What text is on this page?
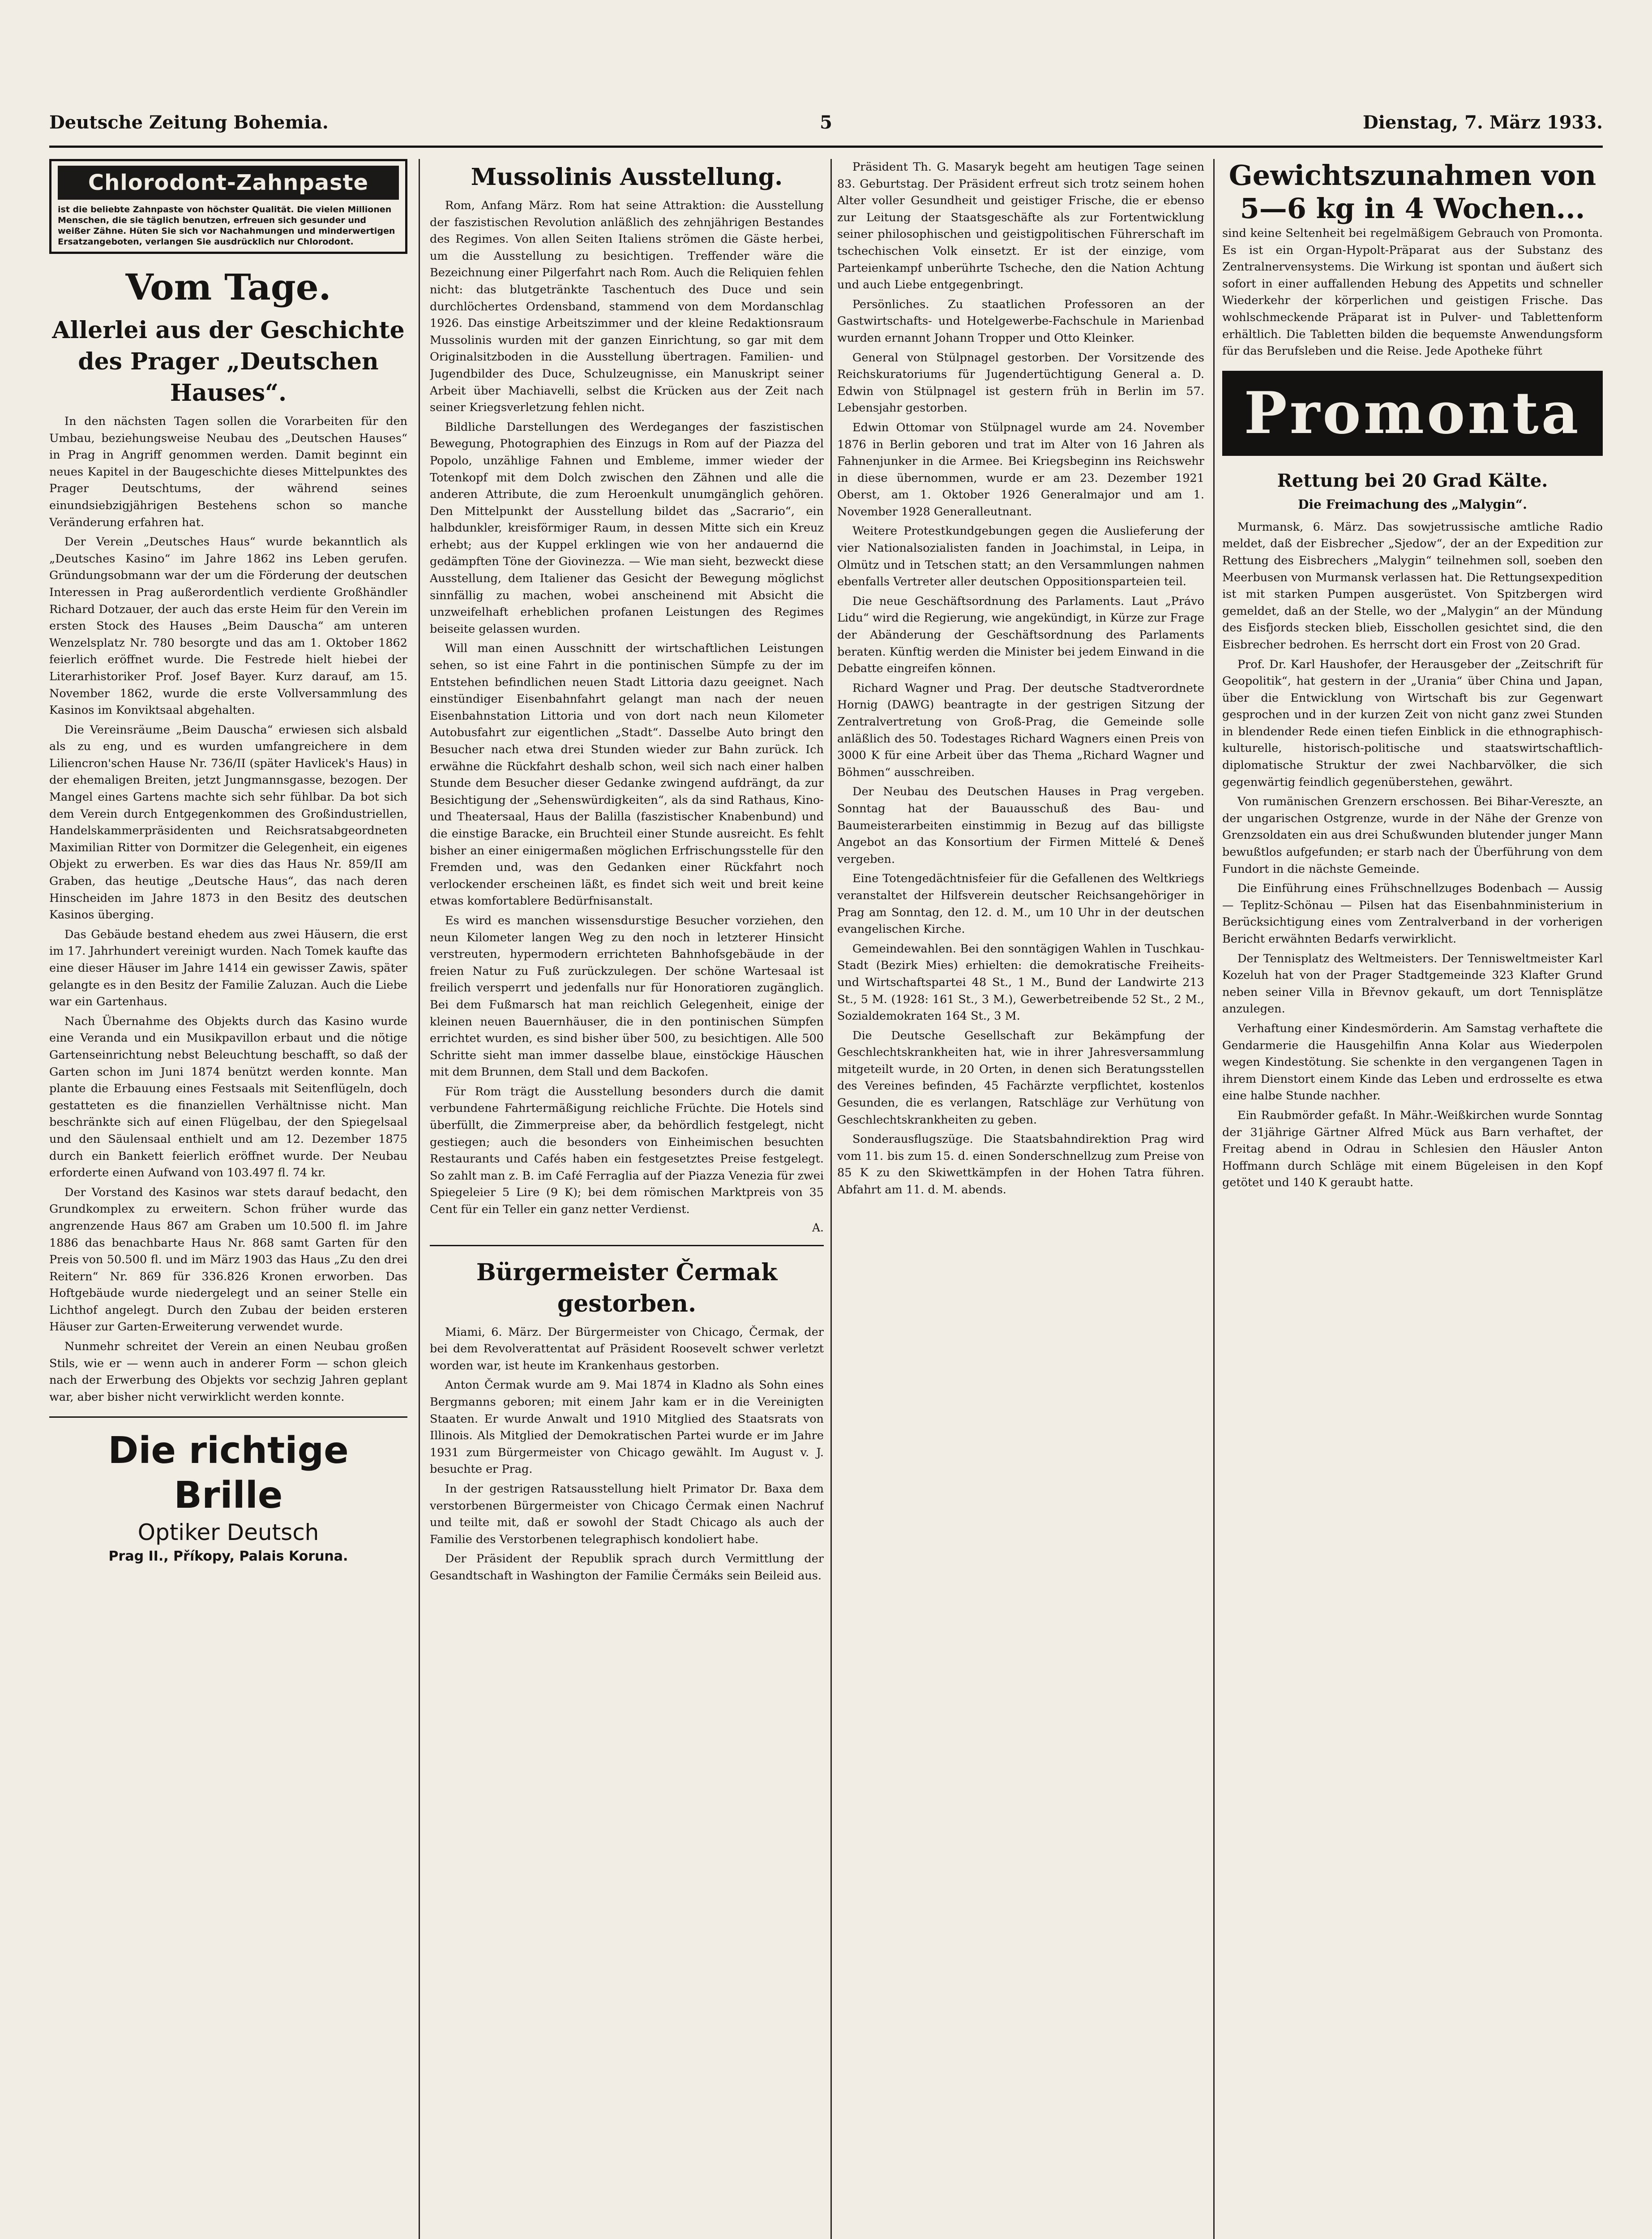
Deutsche Zeitung Bohemia.	5	Dienstag, 7. März 1933.
Chlorodont-Zahnpaste
ist die beliebte Zahnpaste von höchster Qualität. Die vielen Millionen Menschen, die sie täglich benutzen, erfreuen sich gesunder und weißer Zähne. Hüten Sie sich vor Nachahmungen und minderwertigen Ersatzangeboten, verlangen Sie ausdrücklich nur Chlorodont.
Vom Tage.
Allerlei aus der Geschichte des Prager „Deutschen Hauses“.

In den nächsten Tagen sollen die Vorarbeiten für den Umbau, beziehungsweise Neubau des „Deutschen Hauses“ in Prag in Angriff genommen werden. Damit beginnt ein neues Kapitel in der Baugeschichte dieses Mittelpunktes des Prager Deutschtums, der während seines einundsiebzigjährigen Bestehens schon so manche Veränderung erfahren hat.

Der Verein „Deutsches Haus“ wurde bekanntlich als „Deutsches Kasino“ im Jahre 1862 ins Leben gerufen. Gründungsobmann war der um die Förderung der deutschen Interessen in Prag außerordentlich verdiente Großhändler Richard Dotzauer, der auch das erste Heim für den Verein im ersten Stock des Hauses „Beim Dauscha“ am unteren Wenzelsplatz Nr. 780 besorgte und das am 1. Oktober 1862 feierlich eröffnet wurde. Die Festrede hielt hiebei der Literarhistoriker Prof. Josef Bayer. Kurz darauf, am 15. November 1862, wurde die erste Vollversammlung des Kasinos im Konviktsaal abgehalten.

Die Vereinsräume „Beim Dauscha“ erwiesen sich alsbald als zu eng, und es wurden umfangreichere in dem Liliencron'schen Hause Nr. 736/II (später Havlicek's Haus) in der ehemaligen Breiten, jetzt Jungmannsgasse, bezogen. Der Mangel eines Gartens machte sich sehr fühlbar. Da bot sich dem Verein durch Entgegenkommen des Großindustriellen, Handelskammerpräsidenten und Reichsratsabgeordneten Maximilian Ritter von Dormitzer die Gelegenheit, ein eigenes Objekt zu erwerben. Es war dies das Haus Nr. 859/II am Graben, das heutige „Deutsche Haus“, das nach deren Hinscheiden im Jahre 1873 in den Besitz des deutschen Kasinos überging.

Das Gebäude bestand ehedem aus zwei Häusern, die erst im 17. Jahrhundert vereinigt wurden. Nach Tomek kaufte das eine dieser Häuser im Jahre 1414 ein gewisser Zawis, später gelangte es in den Besitz der Familie Zaluzan. Auch die Liebe war ein Gartenhaus.

Nach Übernahme des Objekts durch das Kasino wurde eine Veranda und ein Musikpavillon erbaut und die nötige Gartenseinrichtung nebst Beleuchtung beschafft, so daß der Garten schon im Juni 1874 benützt werden konnte. Man plante die Erbauung eines Festsaals mit Seitenflügeln, doch gestatteten es die finanziellen Verhältnisse nicht. Man beschränkte sich auf einen Flügelbau, der den Spiegelsaal und den Säulensaal enthielt und am 12. Dezember 1875 durch ein Bankett feierlich eröffnet wurde. Der Neubau erforderte einen Aufwand von 103.497 fl. 74 kr.

Der Vorstand des Kasinos war stets darauf bedacht, den Grundkomplex zu erweitern. Schon früher wurde das angrenzende Haus 867 am Graben um 10.500 fl. im Jahre 1886 das benachbarte Haus Nr. 868 samt Garten für den Preis von 50.500 fl. und im März 1903 das Haus „Zu den drei Reitern“ Nr. 869 für 336.826 Kronen erworben. Das Hoftgebäude wurde niedergelegt und an seiner Stelle ein Lichthof angelegt. Durch den Zubau der beiden ersteren Häuser zur Garten-Erweiterung verwendet wurde.

Nunmehr schreitet der Verein an einen Neubau großen Stils, wie er — wenn auch in anderer Form — schon gleich nach der Erwerbung des Objekts vor sechzig Jahren geplant war, aber bisher nicht verwirklicht werden konnte.

Die richtige Brille
Optiker Deutsch
Prag II., Příkopy, Palais Koruna.
Mussolinis Ausstellung.

Rom, Anfang März. Rom hat seine Attraktion: die Ausstellung der faszistischen Revolution anläßlich des zehnjährigen Bestandes des Regimes. Von allen Seiten Italiens strömen die Gäste herbei, um die Ausstellung zu besichtigen. Treffender wäre die Bezeichnung einer Pilgerfahrt nach Rom. Auch die Reliquien fehlen nicht: das blutgetränkte Taschentuch des Duce und sein durchlöchertes Ordensband, stammend von dem Mordanschlag 1926. Das einstige Arbeitszimmer und der kleine Redaktionsraum Mussolinis wurden mit der ganzen Einrichtung, so gar mit dem Originalsitzboden in die Ausstellung übertragen. Familien- und Jugendbilder des Duce, Schulzeugnisse, ein Manuskript seiner Arbeit über Machiavelli, selbst die Krücken aus der Zeit nach seiner Kriegsverletzung fehlen nicht.

Bildliche Darstellungen des Werdeganges der faszistischen Bewegung, Photographien des Einzugs in Rom auf der Piazza del Popolo, unzählige Fahnen und Embleme, immer wieder der Totenkopf mit dem Dolch zwischen den Zähnen und alle die anderen Attribute, die zum Heroenkult unumgänglich gehören. Den Mittelpunkt der Ausstellung bildet das „Sacrario“, ein halbdunkler, kreisförmiger Raum, in dessen Mitte sich ein Kreuz erhebt; aus der Kuppel erklingen wie von her andauernd die gedämpften Töne der Giovinezza. — Wie man sieht, bezweckt diese Ausstellung, dem Italiener das Gesicht der Bewegung möglichst sinnfällig zu machen, wobei anscheinend mit Absicht die unzweifelhaft erheblichen profanen Leistungen des Regimes beiseite gelassen wurden.

Will man einen Ausschnitt der wirtschaftlichen Leistungen sehen, so ist eine Fahrt in die pontinischen Sümpfe zu der im Entstehen befindlichen neuen Stadt Littoria dazu geeignet. Nach einstündiger Eisenbahnfahrt gelangt man nach der neuen Eisenbahnstation Littoria und von dort nach neun Kilometer Autobusfahrt zur eigentlichen „Stadt“. Dasselbe Auto bringt den Besucher nach etwa drei Stunden wieder zur Bahn zurück. Ich erwähne die Rückfahrt deshalb schon, weil sich nach einer halben Stunde dem Besucher dieser Gedanke zwingend aufdrängt, da zur Besichtigung der „Sehenswürdigkeiten“, als da sind Rathaus, Kino- und Theatersaal, Haus der Balilla (faszistischer Knabenbund) und die einstige Baracke, ein Bruchteil einer Stunde ausreicht. Es fehlt bisher an einer einigermaßen möglichen Erfrischungsstelle für den Fremden und, was den Gedanken einer Rückfahrt noch verlockender erscheinen läßt, es findet sich weit und breit keine etwas komfortablere Bedürfnisanstalt.

Es wird es manchen wissensdurstige Besucher vorziehen, den neun Kilometer langen Weg zu den noch in letzterer Hinsicht verstreuten, hypermodern errichteten Bahnhofsgebäude in der freien Natur zu Fuß zurückzulegen. Der schöne Wartesaal ist freilich versperrt und jedenfalls nur für Honoratioren zugänglich. Bei dem Fußmarsch hat man reichlich Gelegenheit, einige der kleinen neuen Bauernhäuser, die in den pontinischen Sümpfen errichtet wurden, es sind bisher über 500, zu besichtigen. Alle 500 Schritte sieht man immer dasselbe blaue, einstöckige Häuschen mit dem Brunnen, dem Stall und dem Backofen.

Für Rom trägt die Ausstellung besonders durch die damit verbundene Fahrtermäßigung reichliche Früchte. Die Hotels sind überfüllt, die Zimmerpreise aber, da behördlich festgelegt, nicht gestiegen; auch die besonders von Einheimischen besuchten Restaurants und Cafés haben ein festgesetztes Preise festgelegt. So zahlt man z. B. im Café Ferraglia auf der Piazza Venezia für zwei Spiegeleier 5 Lire (9 K); bei dem römischen Marktpreis von 35 Cent für ein Teller ein ganz netter Verdienst.

A.
Bürgermeister Čermak gestorben.

Miami, 6. März. Der Bürgermeister von Chicago, Čermak, der bei dem Revolverattentat auf Präsident Roosevelt schwer verletzt worden war, ist heute im Krankenhaus gestorben.

Anton Čermak wurde am 9. Mai 1874 in Kladno als Sohn eines Bergmanns geboren; mit einem Jahr kam er in die Vereinigten Staaten. Er wurde Anwalt und 1910 Mitglied des Staatsrats von Illinois. Als Mitglied der Demokratischen Partei wurde er im Jahre 1931 zum Bürgermeister von Chicago gewählt. Im August v. J. besuchte er Prag.

In der gestrigen Ratsausstellung hielt Primator Dr. Baxa dem verstorbenen Bürgermeister von Chicago Čermak einen Nachruf und teilte mit, daß er sowohl der Stadt Chicago als auch der Familie des Verstorbenen telegraphisch kondoliert habe.

Der Präsident der Republik sprach durch Vermittlung der Gesandtschaft in Washington der Familie Čermáks sein Beileid aus.

Präsident Th. G. Masaryk begeht am heutigen Tage seinen 83. Geburtstag. Der Präsident erfreut sich trotz seinem hohen Alter voller Gesundheit und geistiger Frische, die er ebenso zur Leitung der Staatsgeschäfte als zur Fortentwicklung seiner philosophischen und geistigpolitischen Führerschaft im tschechischen Volk einsetzt. Er ist der einzige, vom Parteienkampf unberührte Tscheche, den die Nation Achtung und auch Liebe entgegenbringt.

Persönliches. Zu staatlichen Professoren an der Gastwirtschafts- und Hotelgewerbe-Fachschule in Marienbad wurden ernannt Johann Tropper und Otto Kleinker.

General von Stülpnagel gestorben. Der Vorsitzende des Reichskuratoriums für Jugendertüchtigung General a. D. Edwin von Stülpnagel ist gestern früh in Berlin im 57. Lebensjahr gestorben.

Edwin Ottomar von Stülpnagel wurde am 24. November 1876 in Berlin geboren und trat im Alter von 16 Jahren als Fahnenjunker in die Armee. Bei Kriegsbeginn ins Reichswehr in diese übernommen, wurde er am 23. Dezember 1921 Oberst, am 1. Oktober 1926 Generalmajor und am 1. November 1928 Generalleutnant.

Weitere Protestkundgebungen gegen die Auslieferung der vier Nationalsozialisten fanden in Joachimstal, in Leipa, in Olmütz und in Tetschen statt; an den Versammlungen nahmen ebenfalls Vertreter aller deutschen Oppositionsparteien teil.

Die neue Geschäftsordnung des Parlaments. Laut „Právo Lidu“ wird die Regierung, wie angekündigt, in Kürze zur Frage der Abänderung der Geschäftsordnung des Parlaments beraten. Künftig werden die Minister bei jedem Einwand in die Debatte eingreifen können.

Richard Wagner und Prag. Der deutsche Stadtverordnete Hornig (DAWG) beantragte in der gestrigen Sitzung der Zentralvertretung von Groß-Prag, die Gemeinde solle anläßlich des 50. Todestages Richard Wagners einen Preis von 3000 K für eine Arbeit über das Thema „Richard Wagner und Böhmen“ ausschreiben.

Der Neubau des Deutschen Hauses in Prag vergeben. Sonntag hat der Bauausschuß des Bau- und Baumeisterarbeiten einstimmig in Bezug auf das billigste Angebot an das Konsortium der Firmen Mittelé & Deneš vergeben.

Eine Totengedächtnisfeier für die Gefallenen des Weltkriegs veranstaltet der Hilfsverein deutscher Reichsangehöriger in Prag am Sonntag, den 12. d. M., um 10 Uhr in der deutschen evangelischen Kirche.

Gemeindewahlen. Bei den sonntägigen Wahlen in Tuschkau-Stadt (Bezirk Mies) erhielten: die demokratische Freiheits- und Wirtschaftspartei 48 St., 1 M., Bund der Landwirte 213 St., 5 M. (1928: 161 St., 3 M.), Gewerbetreibende 52 St., 2 M., Sozialdemokraten 164 St., 3 M.

Die Deutsche Gesellschaft zur Bekämpfung der Geschlechtskrankheiten hat, wie in ihrer Jahresversammlung mitgeteilt wurde, in 20 Orten, in denen sich Beratungsstellen des Vereines befinden, 45 Fachärzte verpflichtet, kostenlos Gesunden, die es verlangen, Ratschläge zur Verhütung von Geschlechtskrankheiten zu geben.

Sonderausflugszüge. Die Staatsbahndirektion Prag wird vom 11. bis zum 15. d. einen Sonderschnellzug zum Preise von 85 K zu den Skiwettkämpfen in der Hohen Tatra führen. Abfahrt am 11. d. M. abends.

Gewichtszunahmen von 5—6 kg in 4 Wochen...

sind keine Seltenheit bei regelmäßigem Gebrauch von Promonta. Es ist ein Organ-Hypolt-Präparat aus der Substanz des Zentralnervensystems. Die Wirkung ist spontan und äußert sich sofort in einer auffallenden Hebung des Appetits und schneller Wiederkehr der körperlichen und geistigen Frische. Das wohlschmeckende Präparat ist in Pulver- und Tablettenform erhältlich. Die Tabletten bilden die bequemste Anwendungsform für das Berufsleben und die Reise. Jede Apotheke führt

Promonta
Rettung bei 20 Grad Kälte.
Die Freimachung des „Malygin“.

Murmansk, 6. März. Das sowjetrussische amtliche Radio meldet, daß der Eisbrecher „Sjedow“, der an der Expedition zur Rettung des Eisbrechers „Malygin“ teilnehmen soll, soeben den Meerbusen von Murmansk verlassen hat. Die Rettungsexpedition ist mit starken Pumpen ausgerüstet. Von Spitzbergen wird gemeldet, daß an der Stelle, wo der „Malygin“ an der Mündung des Eisfjords stecken blieb, Eisschollen gesichtet sind, die den Eisbrecher bedrohen. Es herrscht dort ein Frost von 20 Grad.

Prof. Dr. Karl Haushofer, der Herausgeber der „Zeitschrift für Geopolitik“, hat gestern in der „Urania“ über China und Japan, über die Entwicklung von Wirtschaft bis zur Gegenwart gesprochen und in der kurzen Zeit von nicht ganz zwei Stunden in blendender Rede einen tiefen Einblick in die ethnographisch-kulturelle, historisch-politische und staatswirtschaftlich-diplomatische Struktur der zwei Nachbarvölker, die sich gegenwärtig feindlich gegenüberstehen, gewährt.

Von rumänischen Grenzern erschossen. Bei Bihar-Vereszte, an der ungarischen Ostgrenze, wurde in der Nähe der Grenze von Grenzsoldaten ein aus drei Schußwunden blutender junger Mann bewußtlos aufgefunden; er starb nach der Überführung von dem Fundort in die nächste Gemeinde.

Die Einführung eines Frühschnellzuges Bodenbach — Aussig — Teplitz-Schönau — Pilsen hat das Eisenbahnministerium in Berücksichtigung eines vom Zentralverband in der vorherigen Bericht erwähnten Bedarfs verwirklicht.

Der Tennisplatz des Weltmeisters. Der Tennisweltmeister Karl Kozeluh hat von der Prager Stadtgemeinde 323 Klafter Grund neben seiner Villa in Břevnov gekauft, um dort Tennisplätze anzulegen.

Verhaftung einer Kindesmörderin. Am Samstag verhaftete die Gendarmerie die Hausgehilfin Anna Kolar aus Wiederpolen wegen Kindestötung. Sie schenkte in den vergangenen Tagen in ihrem Dienstort einem Kinde das Leben und erdrosselte es etwa eine halbe Stunde nachher.

Ein Raubmörder gefaßt. In Mähr.-Weißkirchen wurde Sonntag der 31jährige Gärtner Alfred Mück aus Barn verhaftet, der Freitag abend in Odrau in Schlesien den Häusler Anton Hoffmann durch Schläge mit einem Bügeleisen in den Kopf getötet und 140 K geraubt hatte.
